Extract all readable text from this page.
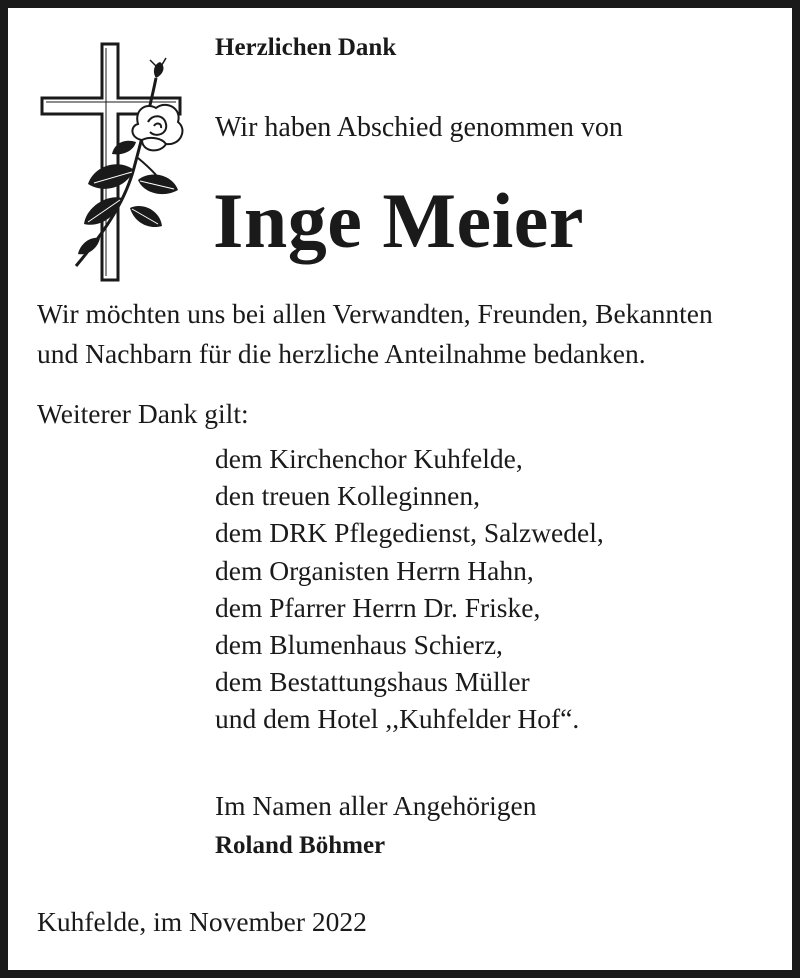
Herzlichen Dank
Wir haben Abschied genommen von
Inge Meier
Wir möchten uns bei allen Verwandten, Freunden, Bekannten
und Nachbarn für die herzliche Anteilnahme bedanken.
Weiterer Dank gilt:
dem Kirchenchor Kuhfelde,
den treuen Kolleginnen,
dem DRK Pflegedienst, Salzwedel,
dem Organisten Herrn Hahn,
dem Pfarrer Herrn Dr. Friske,
dem Blumenhaus Schierz,
dem Bestattungshaus Müller
und dem Hotel ,,Kuhfelder Hof“.
Im Namen aller Angehörigen
Roland Böhmer
Kuhfelde, im November 2022
